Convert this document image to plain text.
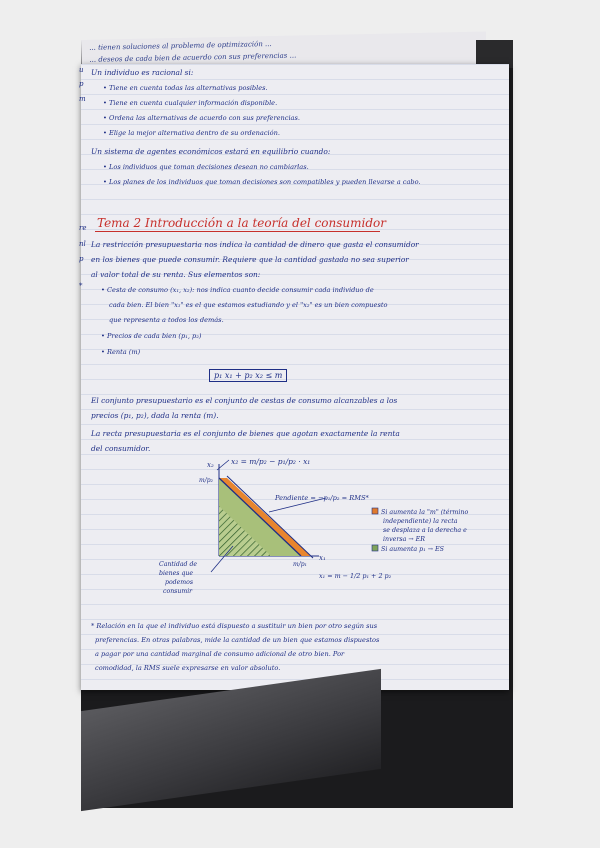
... tienen soluciones al problema de optimización ...
... deseos de cada bien de acuerdo con sus preferencias ...
u
p
m
re
nl
p
*
Un individuo es racional si:
• Tiene en cuenta todas las alternativas posibles.
• Tiene en cuenta cualquier información disponible.
• Ordena las alternativas de acuerdo con sus preferencias.
• Elige la mejor alternativa dentro de su ordenación.
Un sistema de agentes económicos estará en equilibrio cuando:
• Los individuos que toman decisiones desean no cambiarlas.
• Los planes de los individuos que toman decisiones son compatibles y pueden llevarse a cabo.
Tema 2 Introducción a la teoría del consumidor
La restricción presupuestaria nos indica la cantidad de dinero que gasta el consumidor
en los bienes que puede consumir. Requiere que la cantidad gastada no sea superior
al valor total de su renta. Sus elementos son:
• Cesta de consumo (x₁, x₂): nos indica cuanto decide consumir cada individuo de
cada bien. El bien "x₁" es el que estamos estudiando y el "x₂" es un bien compuesto
que representa a todos los demás.
• Precios de cada bien (p₁, p₂)
• Renta (m)
p₁ x₁ + p₂ x₂ ≤ m
El conjunto presupuestario es el conjunto de cestas de consumo alcanzables a los
precios (p₁, p₂), dada la renta (m).
La recta presupuestaria es el conjunto de bienes que agotan exactamente la renta
del consumidor.
x₂ = m/p₂ − p₁/p₂ · x₁
x₂
m/p₂
x₁
m/p₁
Pendiente = −p₁/p₂ = RMS*
Cantidad de
bienes que
podemos
consumir
x₁ = m − 1/2 p₁ + 2 p₂
Si aumenta la "m" (término
independiente) la recta
se desplaza a la derecha e
inversa → ER
Si aumenta p₁ → ES
* Relación en la que el individuo está dispuesto a sustituir un bien por otro según sus
preferencias. En otras palabras, mide la cantidad de un bien que estamos dispuestos
a pagar por una cantidad marginal de consumo adicional de otro bien. Por
comodidad, la RMS suele expresarse en valor absoluto.
